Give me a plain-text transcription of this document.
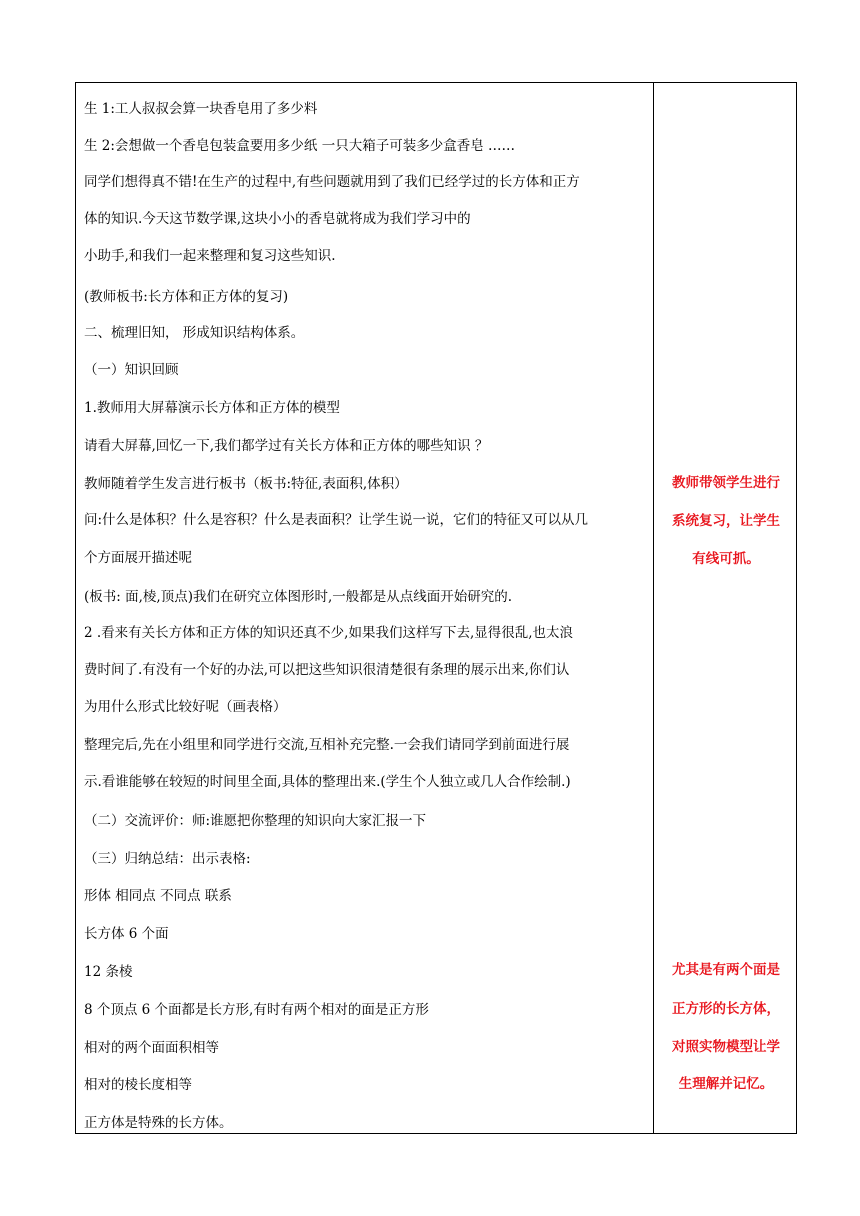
生 1:工人叔叔会算一块香皂用了多少料
生 2:会想做一个香皂包装盒要用多少纸 一只大箱子可装多少盒香皂 ……
同学们想得真不错!在生产的过程中,有些问题就用到了我们已经学过的长方体和正方
体的知识.今天这节数学课,这块小小的香皂就将成为我们学习中的
小助手,和我们一起来整理和复习这些知识.
(教师板书:长方体和正方体的复习)
二、梳理旧知， 形成知识结构体系。
（一）知识回顾
1.教师用大屏幕演示长方体和正方体的模型
请看大屏幕,回忆一下,我们都学过有关长方体和正方体的哪些知识 ？
教师随着学生发言进行板书（板书:特征,表面积,体积）
问:什么是体积？什么是容积？什么是表面积？让学生说一说，它们的特征又可以从几
个方面展开描述呢
(板书: 面,棱,顶点)我们在研究立体图形时,一般都是从点线面开始研究的.
2 .看来有关长方体和正方体的知识还真不少,如果我们这样写下去,显得很乱,也太浪
费时间了.有没有一个好的办法,可以把这些知识很清楚很有条理的展示出来,你们认
为用什么形式比较好呢（画表格）
整理完后,先在小组里和同学进行交流,互相补充完整.一会我们请同学到前面进行展
示.看谁能够在较短的时间里全面,具体的整理出来.(学生个人独立或几人合作绘制.)
（二）交流评价：师:谁愿把你整理的知识向大家汇报一下
（三）归纳总结：出示表格:
形体 相同点 不同点 联系
长方体 6 个面
12 条棱
8 个顶点 6 个面都是长方形,有时有两个相对的面是正方形
相对的两个面面积相等
相对的棱长度相等
正方体是特殊的长方体。
教师带领学生进行
系统复习，让学生
有线可抓。
尤其是有两个面是
正方形的长方体，
对照实物模型让学
生理解并记忆。
